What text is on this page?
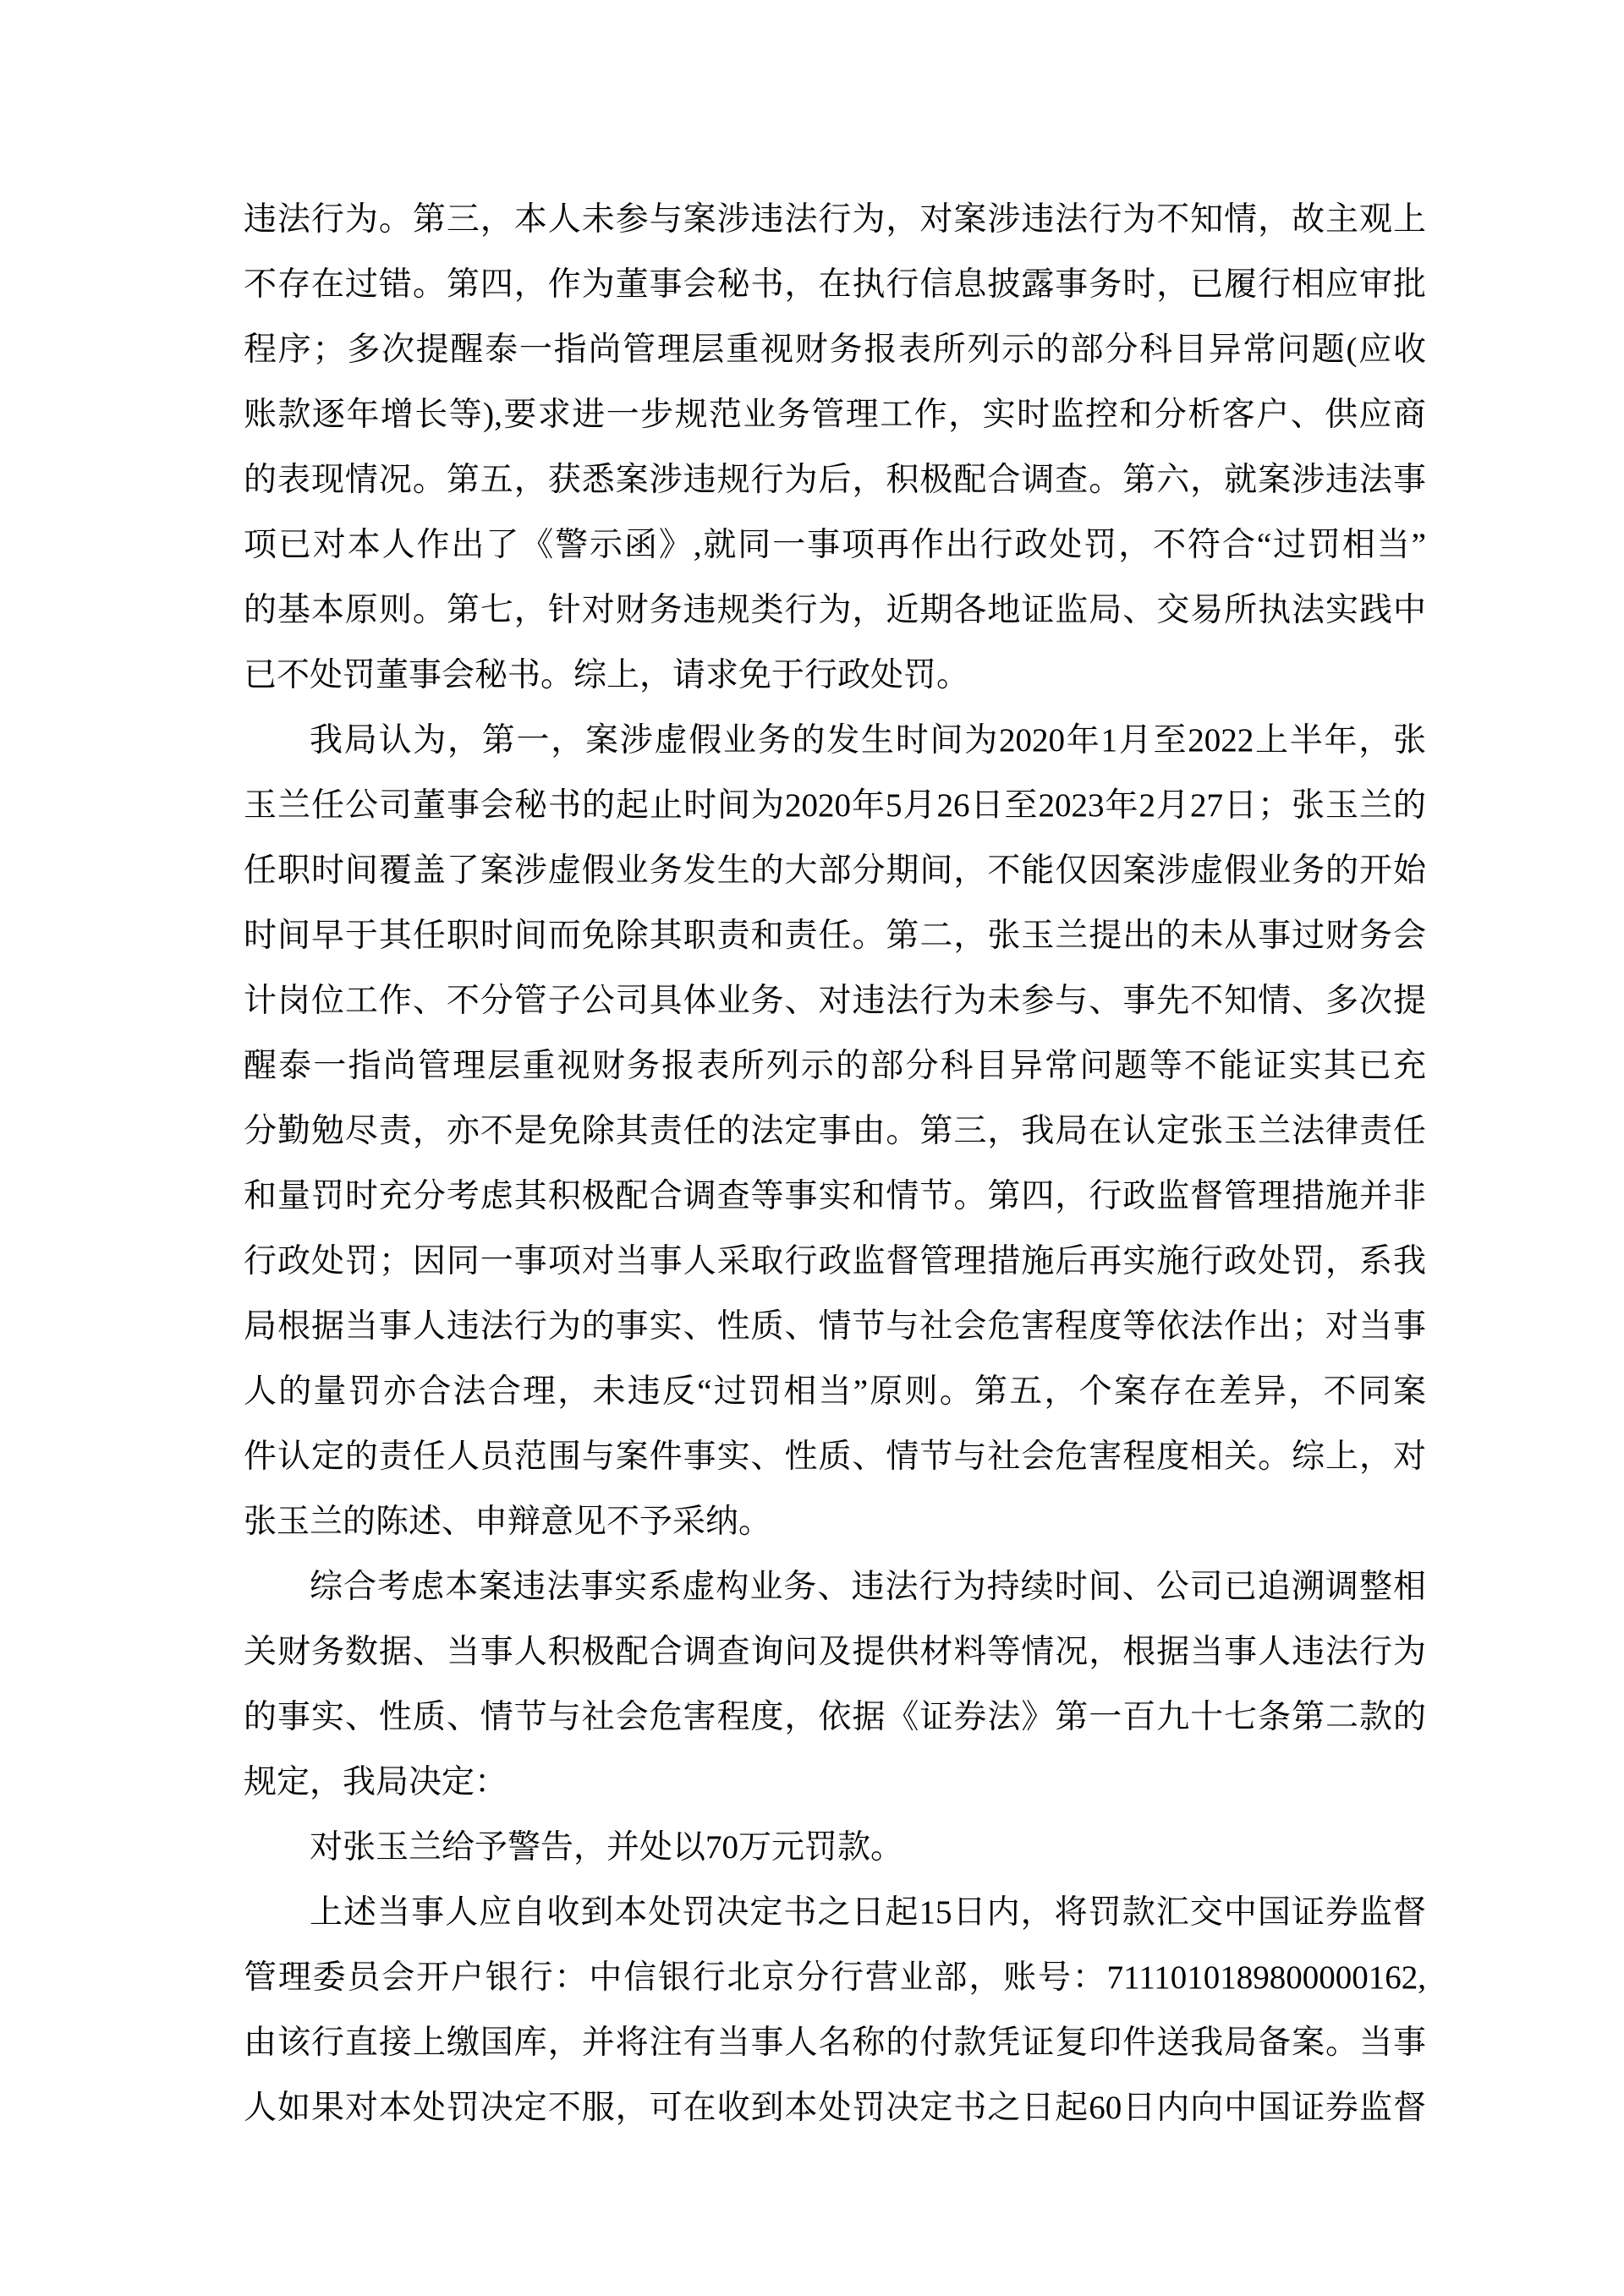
违法行为。第三，本人未参与案涉违法行为，对案涉违法行为不知情，故主观上
不存在过错。第四，作为董事会秘书，在执行信息披露事务时，已履行相应审批
程序；多次提醒泰一指尚管理层重视财务报表所列示的部分科目异常问题(应收
账款逐年增长等),要求进一步规范业务管理工作，实时监控和分析客户、供应商
的表现情况。第五，获悉案涉违规行为后，积极配合调查。第六，就案涉违法事
项已对本人作出了《警示函》,就同一事项再作出行政处罚，不符合“过罚相当”
的基本原则。第七，针对财务违规类行为，近期各地证监局、交易所执法实践中
已不处罚董事会秘书。综上，请求免于行政处罚。
我局认为，第一，案涉虚假业务的发生时间为2020年1月至2022上半年，张
玉兰任公司董事会秘书的起止时间为2020年5月26日至2023年2月27日；张玉兰的
任职时间覆盖了案涉虚假业务发生的大部分期间，不能仅因案涉虚假业务的开始
时间早于其任职时间而免除其职责和责任。第二，张玉兰提出的未从事过财务会
计岗位工作、不分管子公司具体业务、对违法行为未参与、事先不知情、多次提
醒泰一指尚管理层重视财务报表所列示的部分科目异常问题等不能证实其已充
分勤勉尽责，亦不是免除其责任的法定事由。第三，我局在认定张玉兰法律责任
和量罚时充分考虑其积极配合调查等事实和情节。第四，行政监督管理措施并非
行政处罚；因同一事项对当事人采取行政监督管理措施后再实施行政处罚，系我
局根据当事人违法行为的事实、性质、情节与社会危害程度等依法作出；对当事
人的量罚亦合法合理，未违反“过罚相当”原则。第五，个案存在差异，不同案
件认定的责任人员范围与案件事实、性质、情节与社会危害程度相关。综上，对
张玉兰的陈述、申辩意见不予采纳。
综合考虑本案违法事实系虚构业务、违法行为持续时间、公司已追溯调整相
关财务数据、当事人积极配合调查询问及提供材料等情况，根据当事人违法行为
的事实、性质、情节与社会危害程度，依据《证券法》第一百九十七条第二款的
规定，我局决定：
对张玉兰给予警告，并处以70万元罚款。
上述当事人应自收到本处罚决定书之日起15日内，将罚款汇交中国证券监督
管理委员会开户银行：中信银行北京分行营业部，账号：7111010189800000162,
由该行直接上缴国库，并将注有当事人名称的付款凭证复印件送我局备案。当事
人如果对本处罚决定不服，可在收到本处罚决定书之日起60日内向中国证券监督
